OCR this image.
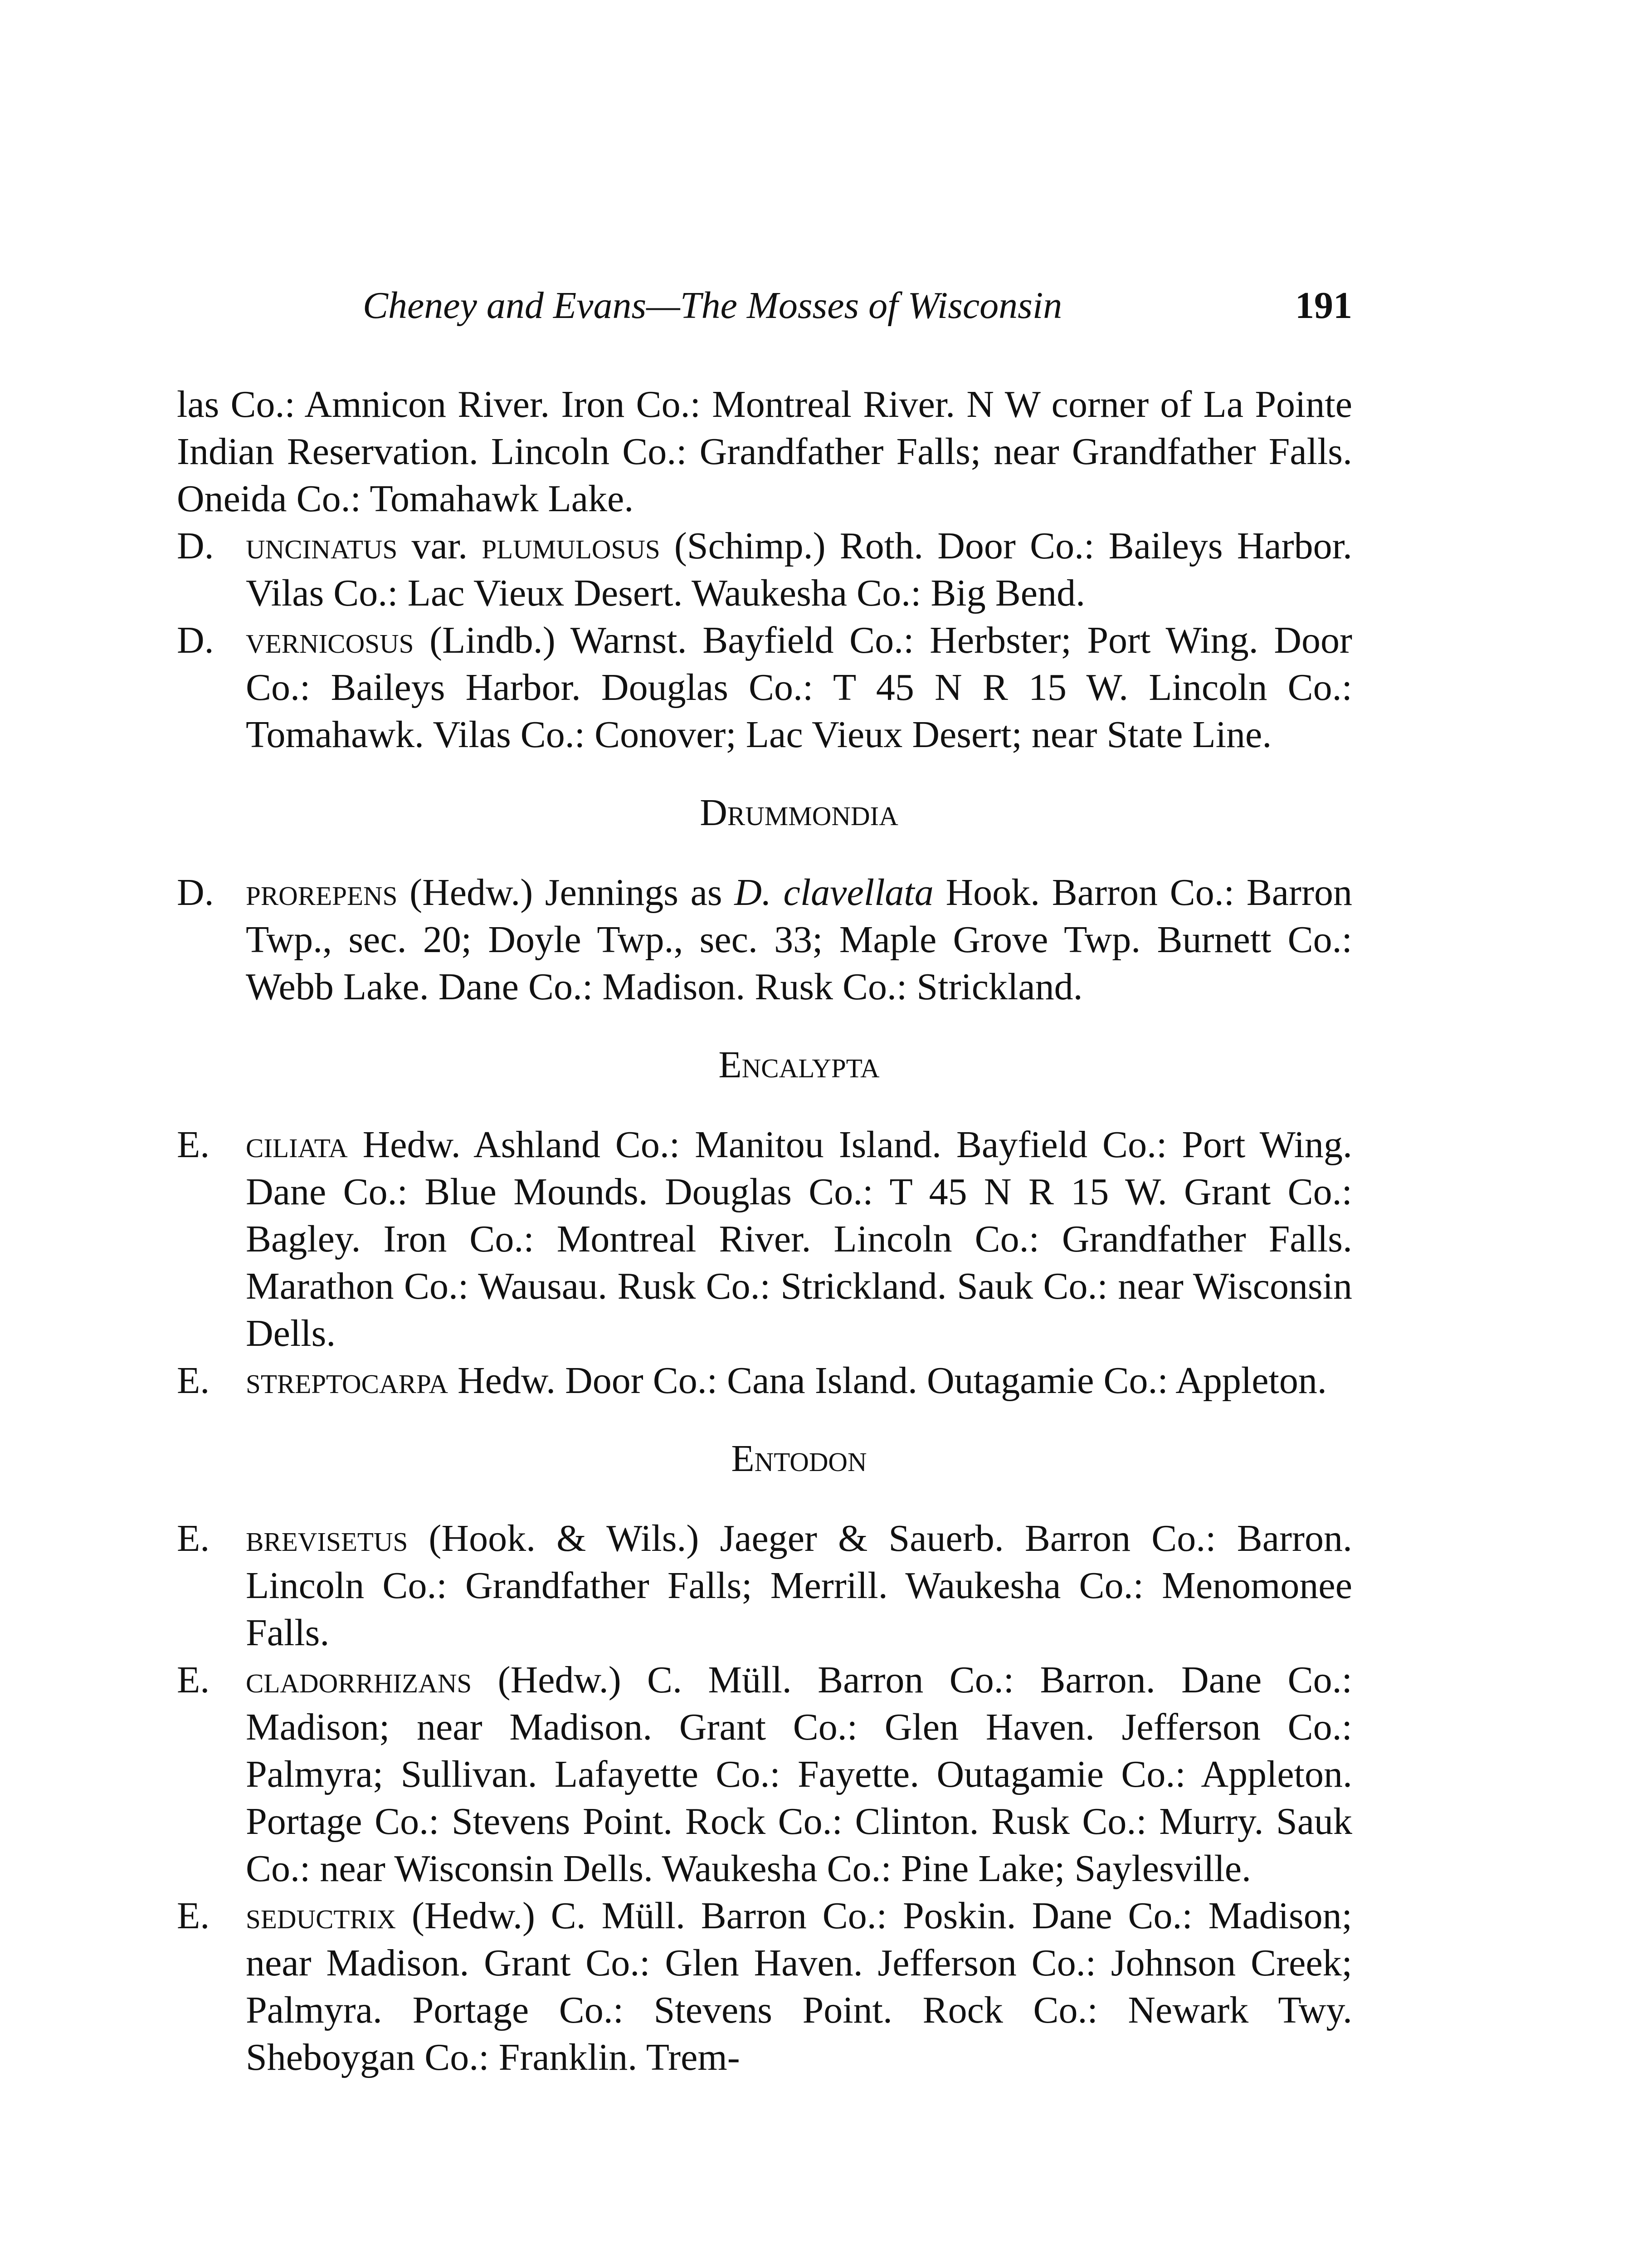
Cheney and Evans—The Mosses of Wisconsin	191
las Co.: Amnicon River. Iron Co.: Montreal River. N W corner of La Pointe Indian Reservation. Lincoln Co.: Grandfather Falls; near Grandfather Falls. Oneida Co.: Tomahawk Lake.
D. uncinatus var. plumulosus (Schimp.) Roth. Door Co.: Baileys Harbor. Vilas Co.: Lac Vieux Desert. Waukesha Co.: Big Bend.
D. vernicosus (Lindb.) Warnst. Bayfield Co.: Herbster; Port Wing. Door Co.: Baileys Harbor. Douglas Co.: T 45 N R 15 W. Lincoln Co.: Tomahawk. Vilas Co.: Conover; Lac Vieux Desert; near State Line.
Drummondia
D. prorepens (Hedw.) Jennings as D. clavellata Hook. Barron Co.: Barron Twp., sec. 20; Doyle Twp., sec. 33; Maple Grove Twp. Burnett Co.: Webb Lake. Dane Co.: Madison. Rusk Co.: Strickland.
Encalypta
E. ciliata Hedw. Ashland Co.: Manitou Island. Bayfield Co.: Port Wing. Dane Co.: Blue Mounds. Douglas Co.: T 45 N R 15 W. Grant Co.: Bagley. Iron Co.: Montreal River. Lincoln Co.: Grandfather Falls. Marathon Co.: Wausau. Rusk Co.: Strickland. Sauk Co.: near Wisconsin Dells.
E. streptocarpa Hedw. Door Co.: Cana Island. Outagamie Co.: Appleton.
Entodon
E. brevisetus (Hook. & Wils.) Jaeger & Sauerb. Barron Co.: Barron. Lincoln Co.: Grandfather Falls; Merrill. Waukesha Co.: Menomonee Falls.
E. cladorrhizans (Hedw.) C. Müll. Barron Co.: Barron. Dane Co.: Madison; near Madison. Grant Co.: Glen Haven. Jefferson Co.: Palmyra; Sullivan. Lafayette Co.: Fayette. Outagamie Co.: Appleton. Portage Co.: Stevens Point. Rock Co.: Clinton. Rusk Co.: Murry. Sauk Co.: near Wisconsin Dells. Waukesha Co.: Pine Lake; Saylesville.
E. seductrix (Hedw.) C. Müll. Barron Co.: Poskin. Dane Co.: Madison; near Madison. Grant Co.: Glen Haven. Jefferson Co.: Johnson Creek; Palmyra. Portage Co.: Stevens Point. Rock Co.: Newark Twy. Sheboygan Co.: Franklin. Trem-
